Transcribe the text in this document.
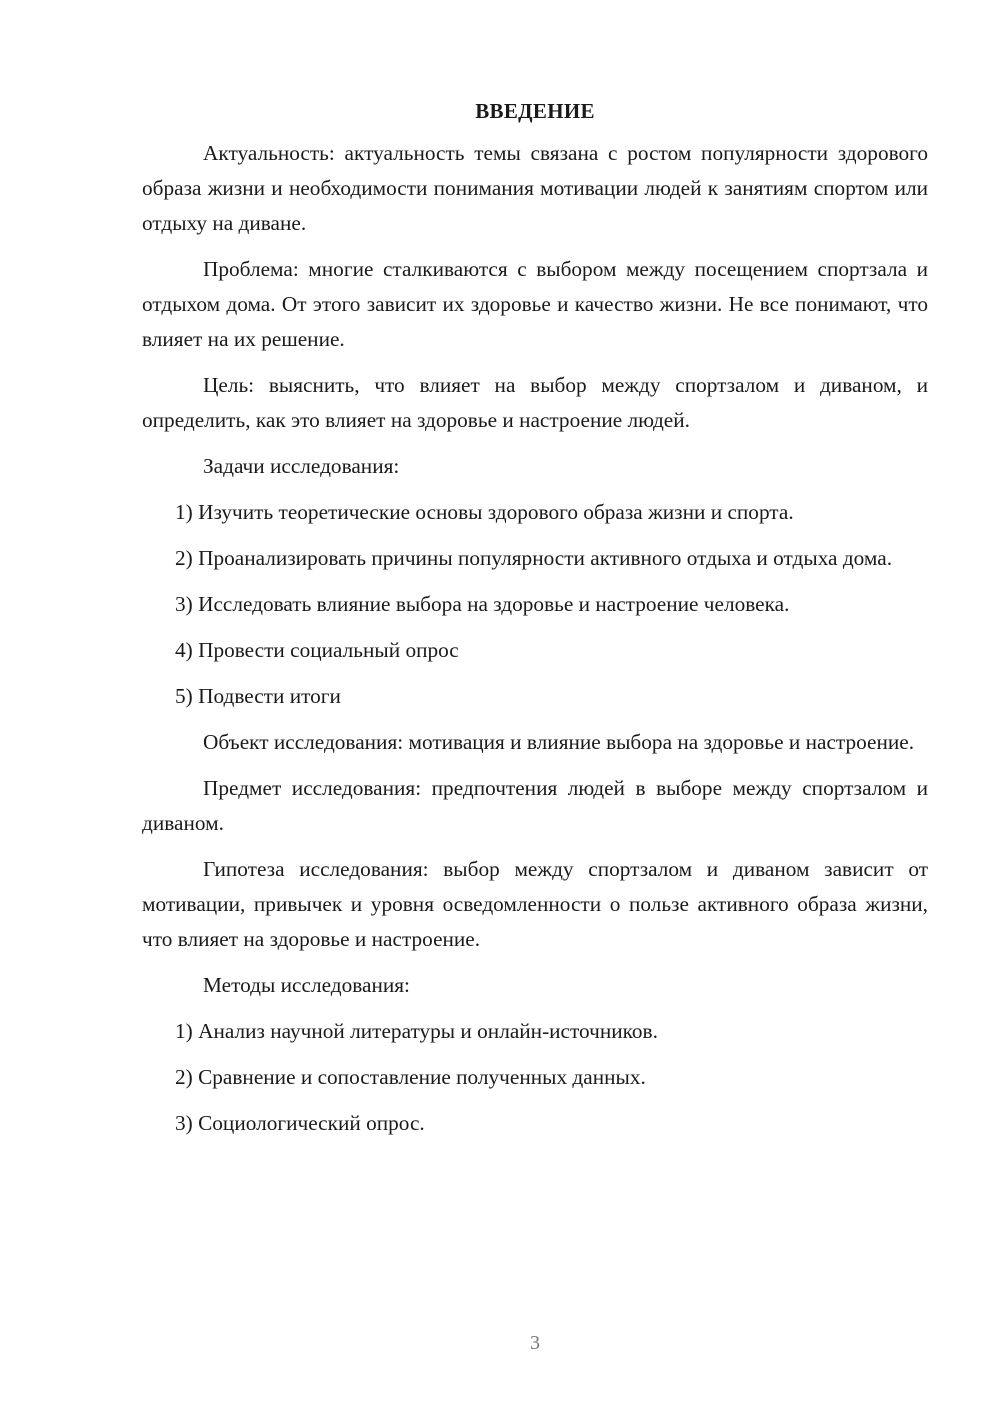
ВВЕДЕНИЕ

Актуальность: актуальность темы связана с ростом популярности здорового образа жизни и необходимости понимания мотивации людей к занятиям спортом или отдыху на диване.

Проблема: многие сталкиваются с выбором между посещением спортзала и отдыхом дома. От этого зависит их здоровье и качество жизни. Не все понимают, что влияет на их решение.

Цель: выяснить, что влияет на выбор между спортзалом и диваном, и определить, как это влияет на здоровье и настроение людей.

Задачи исследования:

1) Изучить теоретические основы здорового образа жизни и спорта.

2) Проанализировать причины популярности активного отдыха и отдыха дома.

3) Исследовать влияние выбора на здоровье и настроение человека.

4) Провести социальный опрос

5) Подвести итоги

Объект исследования: мотивация и влияние выбора на здоровье и настроение.

Предмет исследования: предпочтения людей в выборе между спортзалом и диваном.

Гипотеза исследования: выбор между спортзалом и диваном зависит от мотивации, привычек и уровня осведомленности о пользе активного образа жизни, что влияет на здоровье и настроение.

Методы исследования:

1) Анализ научной литературы и онлайн-источников.

2) Сравнение и сопоставление полученных данных.

3) Социологический опрос.

3
